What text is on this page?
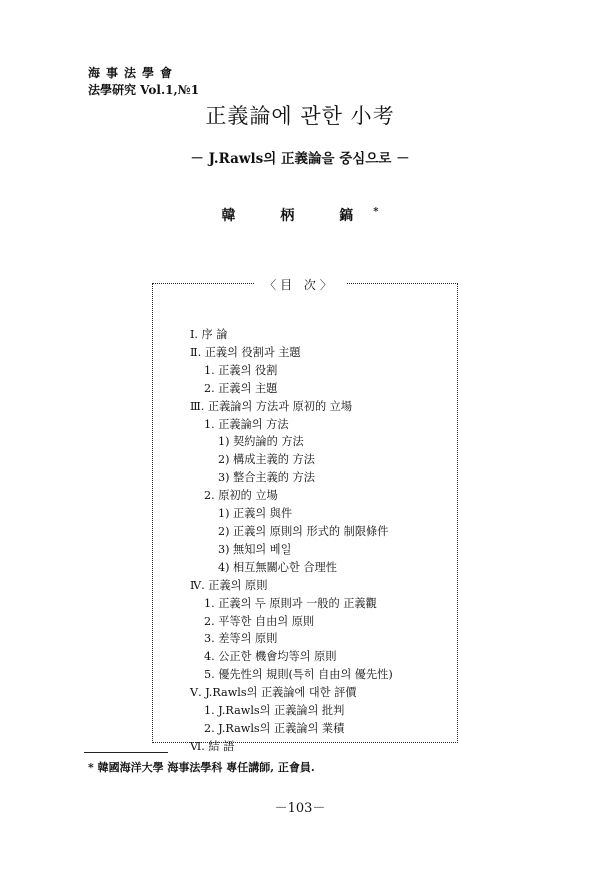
海事法學會
法學硏究 Vol.1,№1
正義論에 관한 小考
－ J.Rawls의 正義論을 중심으로 －
韓 柄 鎬*
〈目 次〉
Ⅰ. 序 論
Ⅱ. 正義의 役割과 主題
1. 正義의 役割
2. 正義의 主題
Ⅲ. 正義論의 方法과 原初的 立場
1. 正義論의 方法
1) 契約論的 方法
2) 構成主義的 方法
3) 整合主義的 方法
2. 原初的 立場
1) 正義의 與件
2) 正義의 原則의 形式的 制限條件
3) 無知의 베일
4) 相互無關心한 合理性
Ⅳ. 正義의 原則
1. 正義의 두 原則과 一般的 正義觀
2. 平等한 自由의 原則
3. 差等의 原則
4. 公正한 機會均等의 原則
5. 優先性의 規則(특히 自由의 優先性)
Ⅴ. J.Rawls의 正義論에 대한 評價
1. J.Rawls의 正義論의 批判
2. J.Rawls의 正義論의 業積
Ⅵ. 結 語
* 韓國海洋大學 海事法學科 專任講師, 正會員.
－103－
